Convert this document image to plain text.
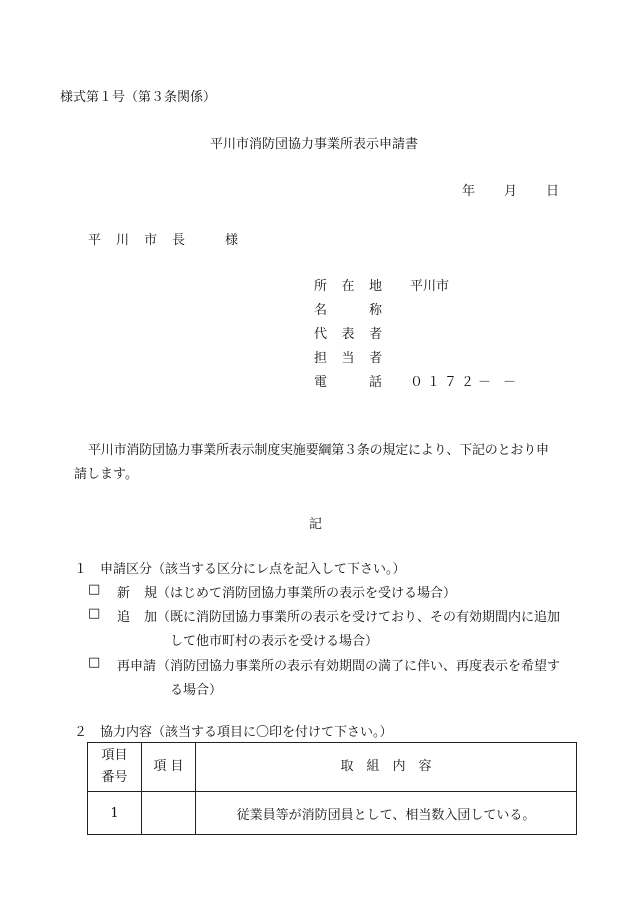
様式第１号（第３条関係）
平川市消防団協力事業所表示申請書
年 月 日
平 川 市 長	様
所 在 地 平川市
名	称
代 表 者
担 当 者
電	話 ０１７２－ －
平川市消防団協力事業所表示制度実施要綱第３条の規定により、下記のとおり申
請します。
記
１　申請区分（該当する区分にレ点を記入して下さい。）
□ 新 規 （はじめて消防団協力事業所の表示を受ける場合）
□ 追 加 （既に消防団協力事業所の表示を受けており、その有効期間内に追加
して他市町村の表示を受ける場合）
□ 再申請 （消防団協力事業所の表示有効期間の満了に伴い、再度表示を希望す
る場合）
２　協力内容（該当する項目に〇印を付けて下さい。）
項目
番号	項 目	取　組　内　容
1		従業員等が消防団員として、相当数入団している。
